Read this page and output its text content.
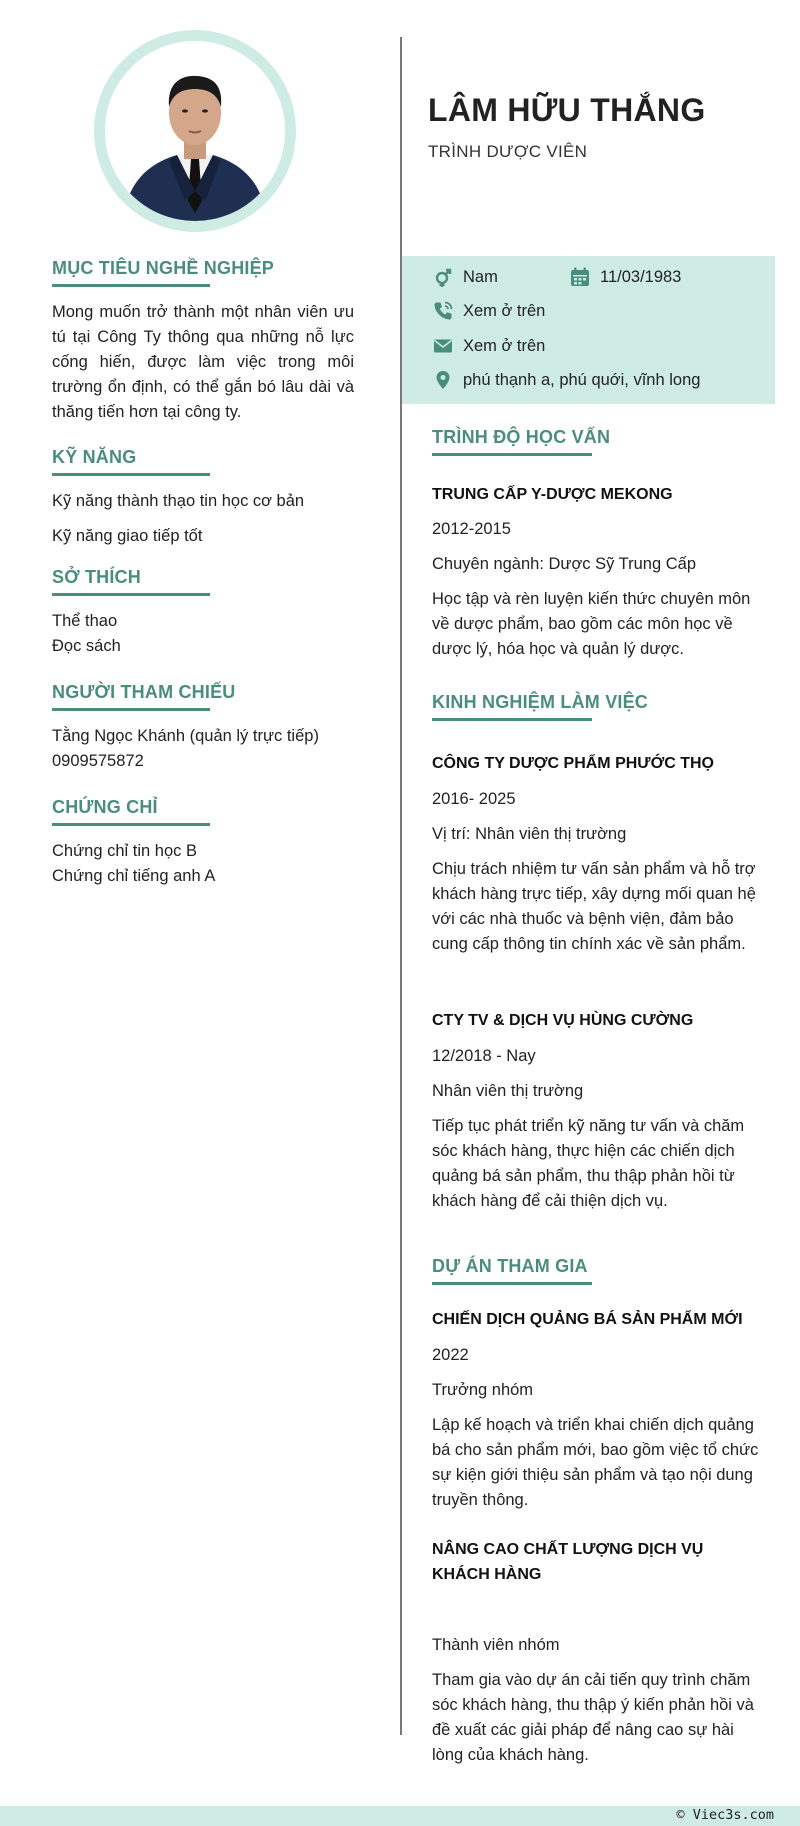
MỤC TIÊU NGHỀ NGHIỆP
Mong muốn trở thành một nhân viên ưu tú tại Công Ty thông qua những nỗ lực cống hiến, được làm việc trong môi trường ổn định, có thể gắn bó lâu dài và thăng tiến hơn tại công ty.
KỸ NĂNG
Kỹ năng thành thạo tin học cơ bản
Kỹ năng giao tiếp tốt
SỞ THÍCH
Thể thao
Đọc sách
NGƯỜI THAM CHIẾU
Tằng Ngọc Khánh (quản lý trực tiếp)
0909575872
CHỨNG CHỈ
Chứng chỉ tin học B
Chứng chỉ tiếng anh A
LÂM HỮU THẮNG
TRÌNH DƯỢC VIÊN
Nam	11/03/1983
Xem ở trên
Xem ở trên
phú thạnh a, phú quới, vĩnh long
TRÌNH ĐỘ HỌC VẤN
TRUNG CẤP Y-DƯỢC MEKONG
2012-2015
Chuyên ngành: Dược Sỹ Trung Cấp
Học tập và rèn luyện kiến thức chuyên môn về dược phẩm, bao gồm các môn học về dược lý, hóa học và quản lý dược.
KINH NGHIỆM LÀM VIỆC
CÔNG TY DƯỢC PHẨM PHƯỚC THỌ
2016- 2025
Vị trí: Nhân viên thị trường
Chịu trách nhiệm tư vấn sản phẩm và hỗ trợ khách hàng trực tiếp, xây dựng mối quan hệ với các nhà thuốc và bệnh viện, đảm bảo cung cấp thông tin chính xác về sản phẩm.
CTY TV & DỊCH VỤ HÙNG CƯỜNG
12/2018 - Nay
Nhân viên thị trường
Tiếp tục phát triển kỹ năng tư vấn và chăm sóc khách hàng, thực hiện các chiến dịch quảng bá sản phẩm, thu thập phản hồi từ khách hàng để cải thiện dịch vụ.
DỰ ÁN THAM GIA
CHIẾN DỊCH QUẢNG BÁ SẢN PHẨM MỚI
2022
Trưởng nhóm
Lập kế hoạch và triển khai chiến dịch quảng bá cho sản phẩm mới, bao gồm việc tổ chức sự kiện giới thiệu sản phẩm và tạo nội dung truyền thông.
NÂNG CAO CHẤT LƯỢNG DỊCH VỤ KHÁCH HÀNG
Thành viên nhóm
Tham gia vào dự án cải tiến quy trình chăm sóc khách hàng, thu thập ý kiến phản hồi và đề xuất các giải pháp để nâng cao sự hài lòng của khách hàng.
© Viec3s.com
